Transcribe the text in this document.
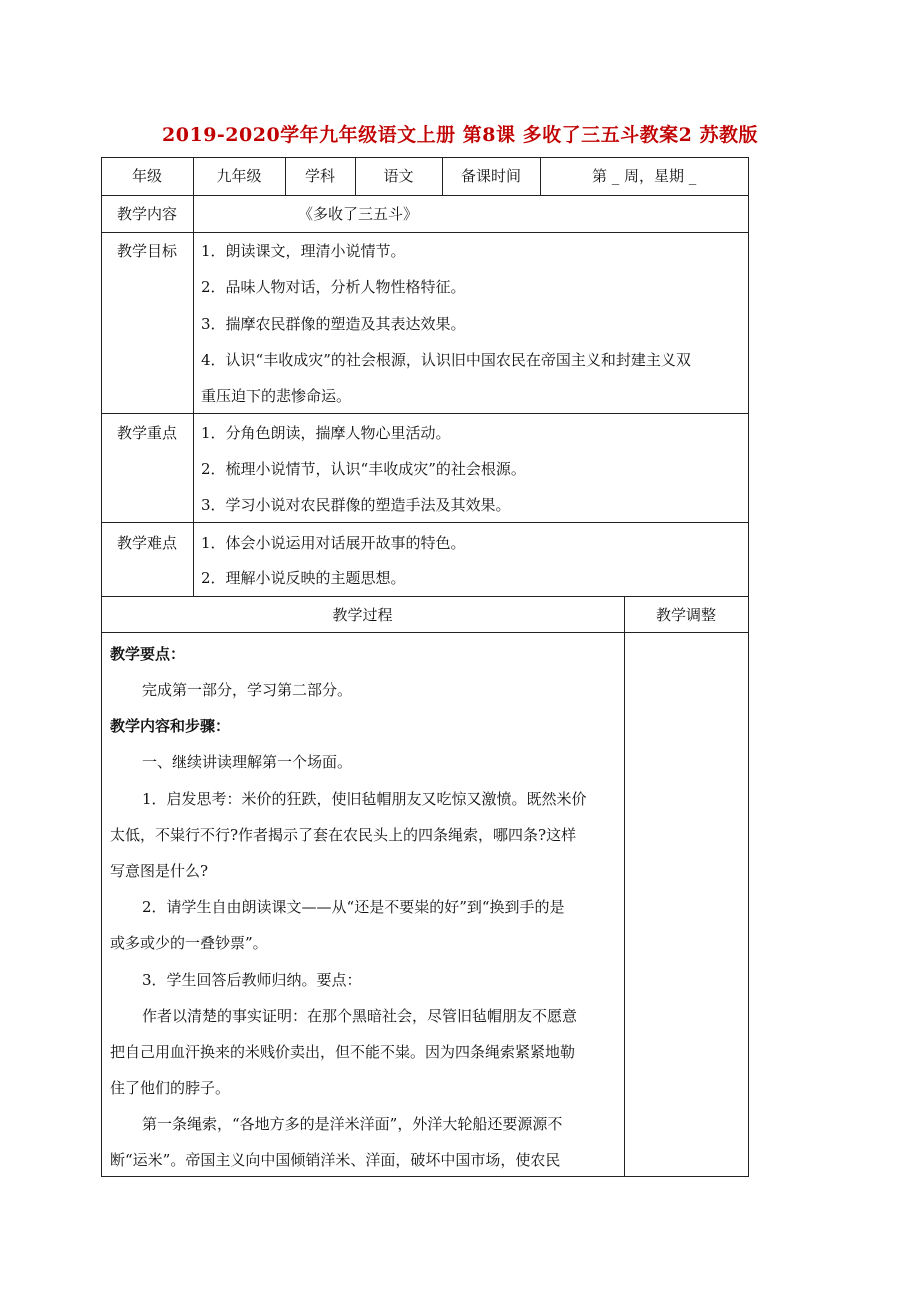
2019-2020学年九年级语文上册 第8课 多收了三五斗教案2 苏教版
年级	九年级	学科	语文	备课时间	第 _ 周，星期 _
教学内容	《多收了三五斗》
教学目标	1．朗读课文，理清小说情节。
2．品味人物对话，分析人物性格特征。
3．揣摩农民群像的塑造及其表达效果。
4．认识“丰收成灾”的社会根源，认识旧中国农民在帝国主义和封建主义双
重压迫下的悲惨命运。
教学重点	1．分角色朗读，揣摩人物心里活动。
2．梳理小说情节，认识“丰收成灾”的社会根源。
3．学习小说对农民群像的塑造手法及其效果。
教学难点	1．体会小说运用对话展开故事的特色。
2．理解小说反映的主题思想。
教学过程	教学调整
教学要点：
完成第一部分，学习第二部分。
教学内容和步骤：
一、继续讲读理解第一个场面。
1．启发思考：米价的狂跌，使旧毡帽朋友又吃惊又激愤。既然米价
太低，不粜行不行?作者揭示了套在农民头上的四条绳索，哪四条?这样
写意图是什么?
2．请学生自由朗读课文——从“还是不要粜的好”到“换到手的是
或多或少的一叠钞票”。
3．学生回答后教师归纳。要点：
作者以清楚的事实证明：在那个黑暗社会，尽管旧毡帽朋友不愿意
把自己用血汗换来的米贱价卖出，但不能不粜。因为四条绳索紧紧地勒
住了他们的脖子。
第一条绳索，“各地方多的是洋米洋面”，外洋大轮船还要源源不
断“运米”。帝国主义向中国倾销洋米、洋面，破坏中国市场，使农民
